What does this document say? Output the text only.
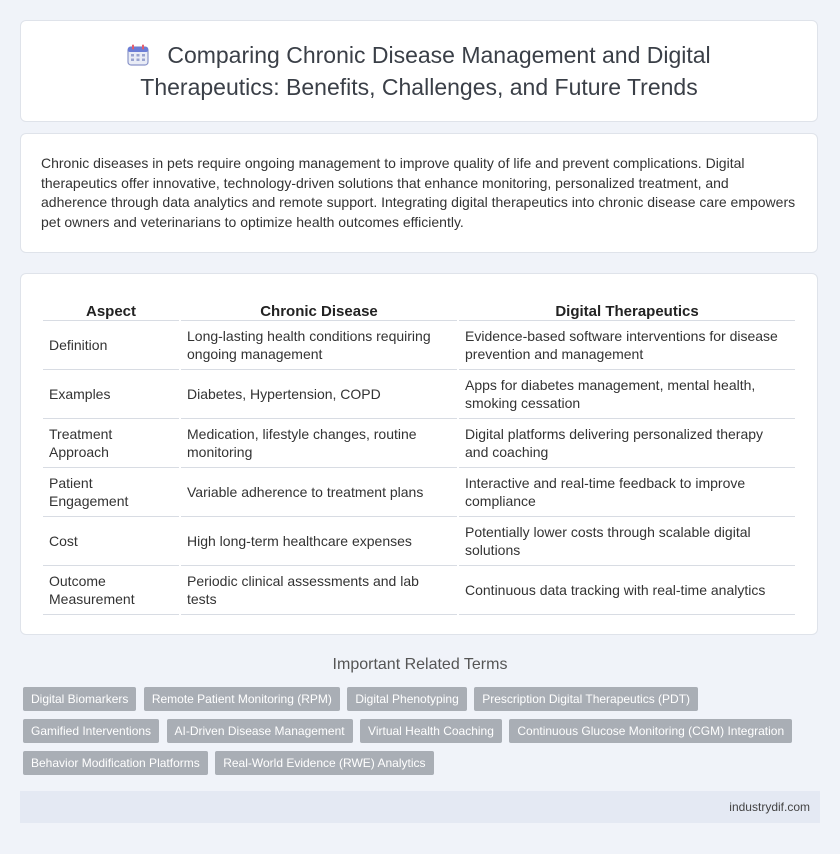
Comparing Chronic Disease Management and Digital Therapeutics: Benefits, Challenges, and Future Trends

Chronic diseases in pets require ongoing management to improve quality of life and prevent complications. Digital therapeutics offer innovative, technology-driven solutions that enhance monitoring, personalized treatment, and adherence through data analytics and remote support. Integrating digital therapeutics into chronic disease care empowers pet owners and veterinarians to optimize health outcomes efficiently.

Aspect	Chronic Disease	Digital Therapeutics
Definition	Long-lasting health conditions requiring ongoing management	Evidence-based software interventions for disease prevention and management
Examples	Diabetes, Hypertension, COPD	Apps for diabetes management, mental health, smoking cessation
Treatment Approach	Medication, lifestyle changes, routine monitoring	Digital platforms delivering personalized therapy and coaching
Patient Engagement	Variable adherence to treatment plans	Interactive and real-time feedback to improve compliance
Cost	High long-term healthcare expenses	Potentially lower costs through scalable digital solutions
Outcome Measurement	Periodic clinical assessments and lab tests	Continuous data tracking with real-time analytics
Important Related Terms
Digital Biomarkers Remote Patient Monitoring (RPM) Digital Phenotyping Prescription Digital Therapeutics (PDT) Gamified Interventions AI-Driven Disease Management Virtual Health Coaching Continuous Glucose Monitoring (CGM) Integration Behavior Modification Platforms Real-World Evidence (RWE) Analytics
industrydif.com
